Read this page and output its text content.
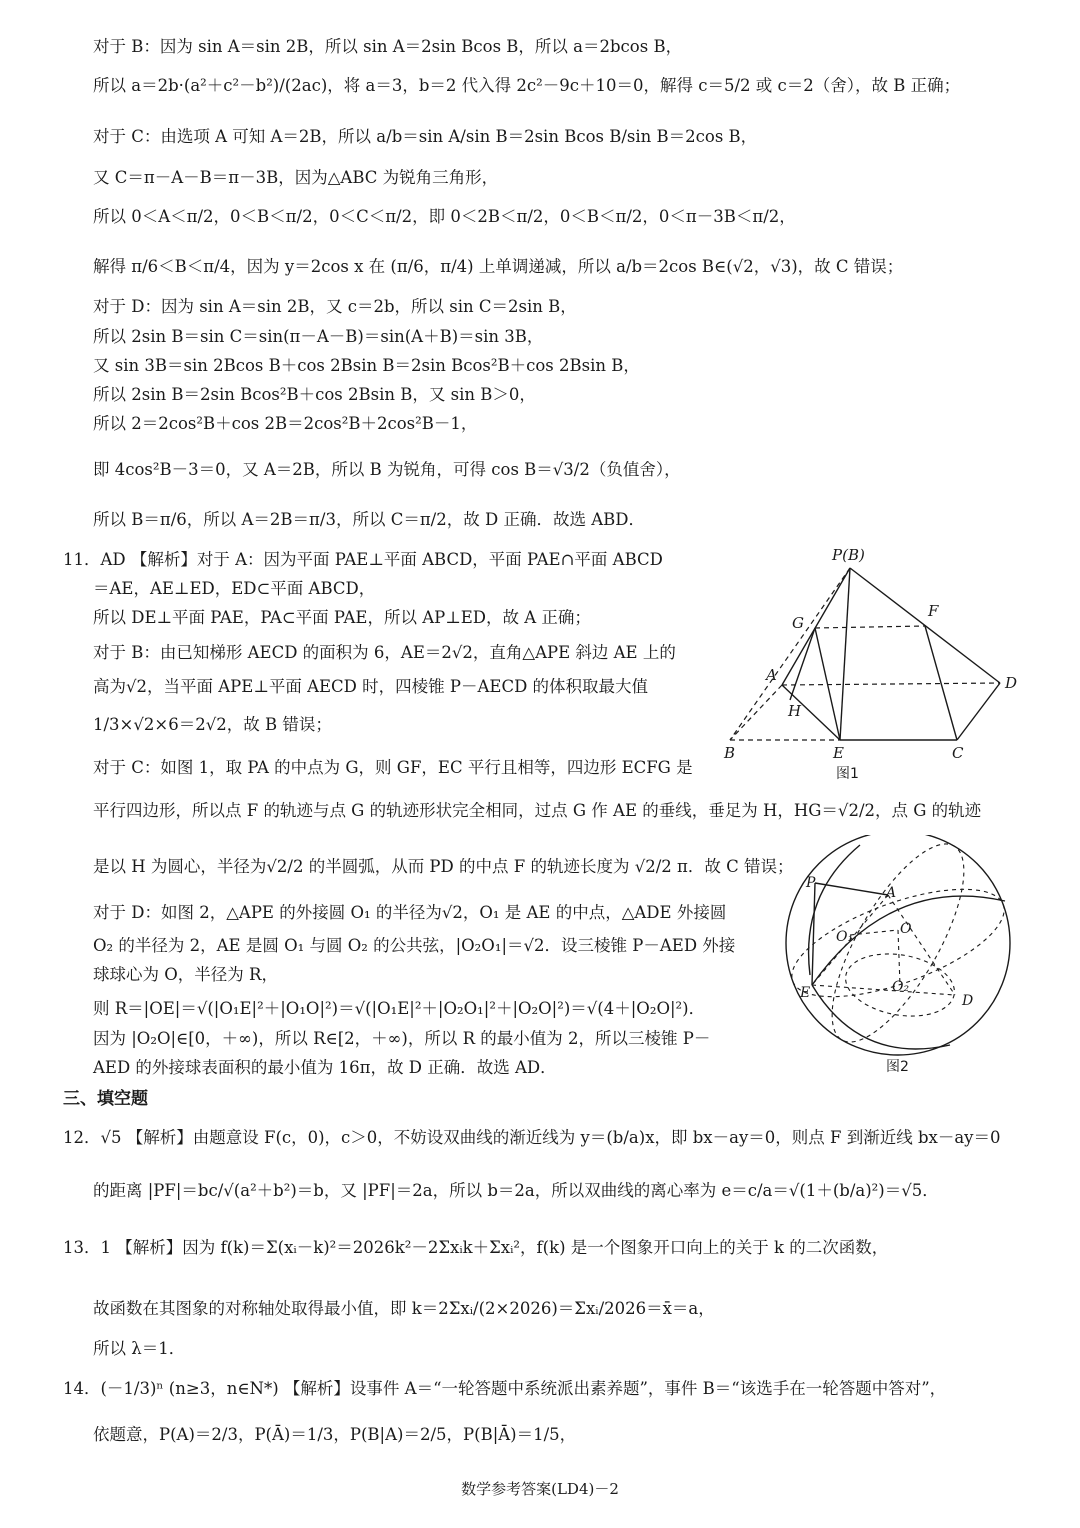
对于 B：因为 sin A＝sin 2B，所以 sin A＝2sin Bcos B，所以 a＝2bcos B，
所以 a＝2b·(a²＋c²－b²)/(2ac)，将 a＝3，b＝2 代入得 2c²－9c＋10＝0，解得 c＝5/2 或 c＝2（舍），故 B 正确；
对于 C：由选项 A 可知 A＝2B，所以 a/b＝sin A/sin B＝2sin Bcos B/sin B＝2cos B，
又 C＝π－A－B＝π－3B，因为△ABC 为锐角三角形，
所以 0＜A＜π/2，0＜B＜π/2，0＜C＜π/2，即 0＜2B＜π/2，0＜B＜π/2，0＜π－3B＜π/2，
解得 π/6＜B＜π/4，因为 y＝2cos x 在 (π/6，π/4) 上单调递减，所以 a/b＝2cos B∈(√2，√3)，故 C 错误；
对于 D：因为 sin A＝sin 2B，又 c＝2b，所以 sin C＝2sin B，
所以 2sin B＝sin C＝sin(π－A－B)＝sin(A＋B)＝sin 3B，
又 sin 3B＝sin 2Bcos B＋cos 2Bsin B＝2sin Bcos²B＋cos 2Bsin B，
所以 2sin B＝2sin Bcos²B＋cos 2Bsin B，又 sin B＞0，
所以 2＝2cos²B＋cos 2B＝2cos²B＋2cos²B－1，
即 4cos²B－3＝0，又 A＝2B，所以 B 为锐角，可得 cos B＝√3/2（负值舍），
所以 B＝π/6，所以 A＝2B＝π/3，所以 C＝π/2，故 D 正确．故选 ABD．
11．AD 【解析】对于 A：因为平面 PAE⊥平面 ABCD，平面 PAE∩平面 ABCD
＝AE，AE⊥ED，ED⊂平面 ABCD，
所以 DE⊥平面 PAE，PA⊂平面 PAE，所以 AP⊥ED，故 A 正确；
对于 B：由已知梯形 AECD 的面积为 6，AE＝2√2，直角△APE 斜边 AE 上的
高为√2，当平面 APE⊥平面 AECD 时，四棱锥 P－AECD 的体积取最大值
1/3×√2×6＝2√2，故 B 错误；
对于 C：如图 1，取 PA 的中点为 G，则 GF，EC 平行且相等，四边形 ECFG 是
平行四边形，所以点 F 的轨迹与点 G 的轨迹形状完全相同，过点 G 作 AE 的垂线，垂足为 H，HG＝√2/2，点 G 的轨迹
是以 H 为圆心，半径为√2/2 的半圆弧，从而 PD 的中点 F 的轨迹长度为 √2/2 π．故 C 错误；
对于 D：如图 2，△APE 的外接圆 O₁ 的半径为√2，O₁ 是 AE 的中点，△ADE 外接圆
O₂ 的半径为 2，AE 是圆 O₁ 与圆 O₂ 的公共弦，|O₂O₁|＝√2．设三棱锥 P－AED 外接
球球心为 O，半径为 R，
则 R＝|OE|＝√(|O₁E|²＋|O₁O|²)＝√(|O₁E|²＋|O₂O₁|²＋|O₂O|²)＝√(4＋|O₂O|²)．
因为 |O₂O|∈[0，＋∞)，所以 R∈[2，＋∞)，所以 R 的最小值为 2，所以三棱锥 P－
AED 的外接球表面积的最小值为 16π，故 D 正确．故选 AD．
三、填空题
12．√5 【解析】由题意设 F(c，0)，c＞0，不妨设双曲线的渐近线为 y＝(b/a)x，即 bx－ay＝0，则点 F 到渐近线 bx－ay＝0
的距离 |PF|＝bc/√(a²＋b²)＝b，又 |PF|＝2a，所以 b＝2a，所以双曲线的离心率为 e＝c/a＝√(1＋(b/a)²)＝√5．
13．1 【解析】因为 f(k)＝Σ(xᵢ－k)²＝2026k²－2Σxᵢk＋Σxᵢ²，f(k) 是一个图象开口向上的关于 k 的二次函数，
故函数在其图象的对称轴处取得最小值，即 k＝2Σxᵢ/(2×2026)＝Σxᵢ/2026＝x̄＝a，
所以 λ＝1．
14．(－1/3)ⁿ (n≥3，n∈N*) 【解析】设事件 A＝“一轮答题中系统派出素养题”，事件 B＝“该选手在一轮答题中答对”，
依题意，P(A)＝2/3，P(Ā)＝1/3，P(B|A)＝2/5，P(B|Ā)＝1/5，
P(B)
G
F
A	D
H
B	E	C
图1
P
A
O₁	O
E	O₂
D
图2
数学参考答案(LD4)－2
